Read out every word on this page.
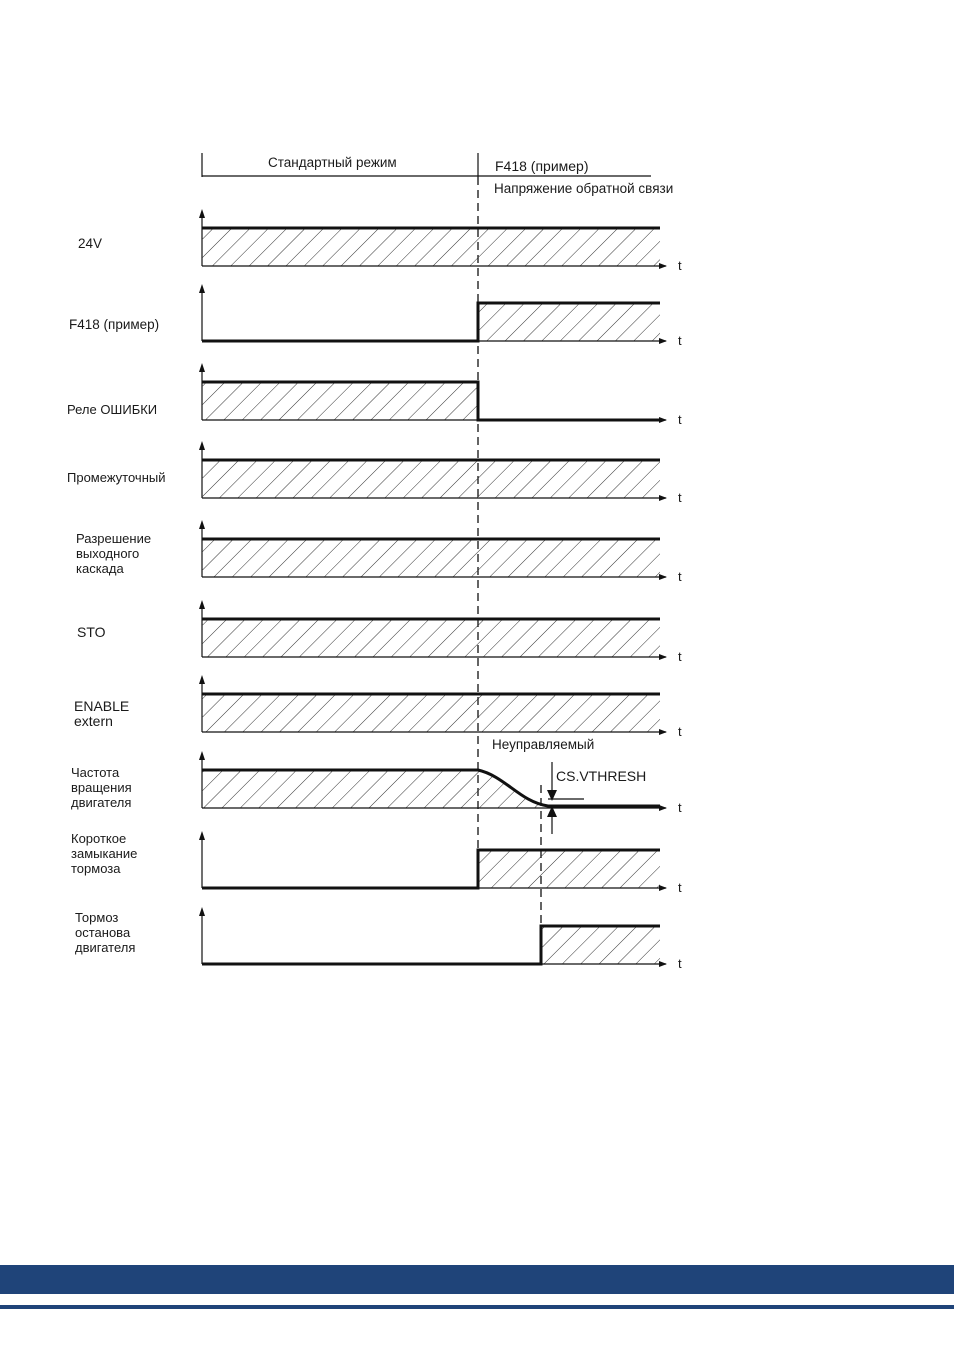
Стандартный режим	F418 (пример)
Напряжение обратной связи
t
24V
t
F418 (пример)
t
Реле ОШИБКИ
t
Промежуточный
t
Разрешение выходного каскада
t
STO
t
ENABLE extern
t
Частота вращения двигателя
t
Короткое замыкание тормоза
t
Тормоз останова двигателя
Неуправляемый
CS.VTHRESH
